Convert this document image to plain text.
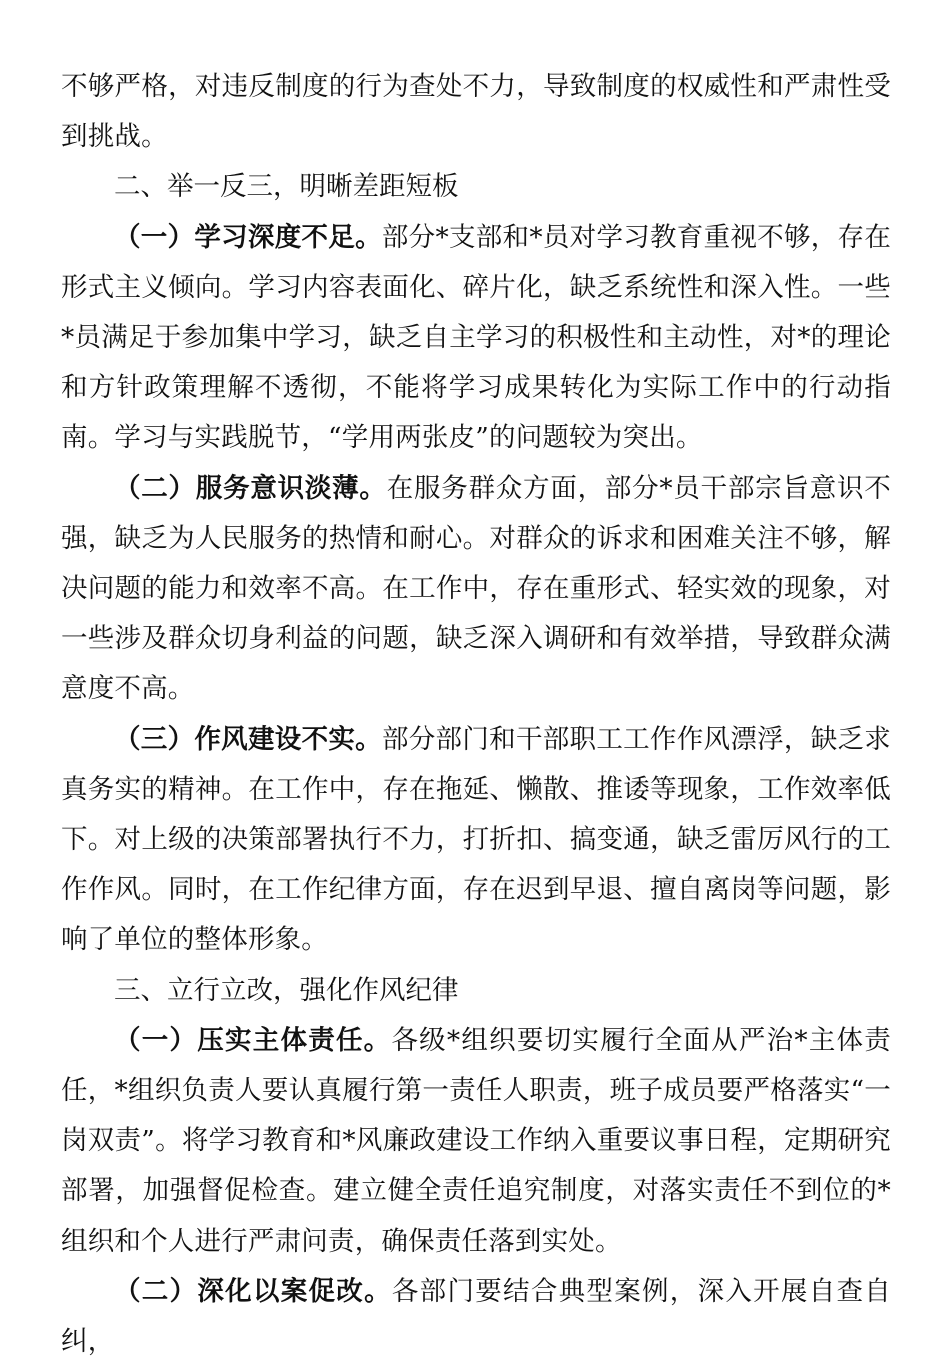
不够严格，对违反制度的行为查处不力，导致制度的权威性和严肃性受到挑战。

二、举一反三，明晰差距短板

（一）学习深度不足。部分*支部和*员对学习教育重视不够，存在形式主义倾向。学习内容表面化、碎片化，缺乏系统性和深入性。一些*员满足于参加集中学习，缺乏自主学习的积极性和主动性，对*的理论和方针政策理解不透彻，不能将学习成果转化为实际工作中的行动指南。学习与实践脱节，“学用两张皮”的问题较为突出。

（二）服务意识淡薄。在服务群众方面，部分*员干部宗旨意识不强，缺乏为人民服务的热情和耐心。对群众的诉求和困难关注不够，解决问题的能力和效率不高。在工作中，存在重形式、轻实效的现象，对一些涉及群众切身利益的问题，缺乏深入调研和有效举措，导致群众满意度不高。

（三）作风建设不实。部分部门和干部职工工作作风漂浮，缺乏求真务实的精神。在工作中，存在拖延、懒散、推诿等现象，工作效率低下。对上级的决策部署执行不力，打折扣、搞变通，缺乏雷厉风行的工作作风。同时，在工作纪律方面，存在迟到早退、擅自离岗等问题，影响了单位的整体形象。

三、立行立改，强化作风纪律

（一）压实主体责任。各级*组织要切实履行全面从严治*主体责任，*组织负责人要认真履行第一责任人职责，班子成员要严格落实“一岗双责”。将学习教育和*风廉政建设工作纳入重要议事日程，定期研究部署，加强督促检查。建立健全责任追究制度，对落实责任不到位的*组织和个人进行严肃问责，确保责任落到实处。

（二）深化以案促改。各部门要结合典型案例，深入开展自查自纠，
